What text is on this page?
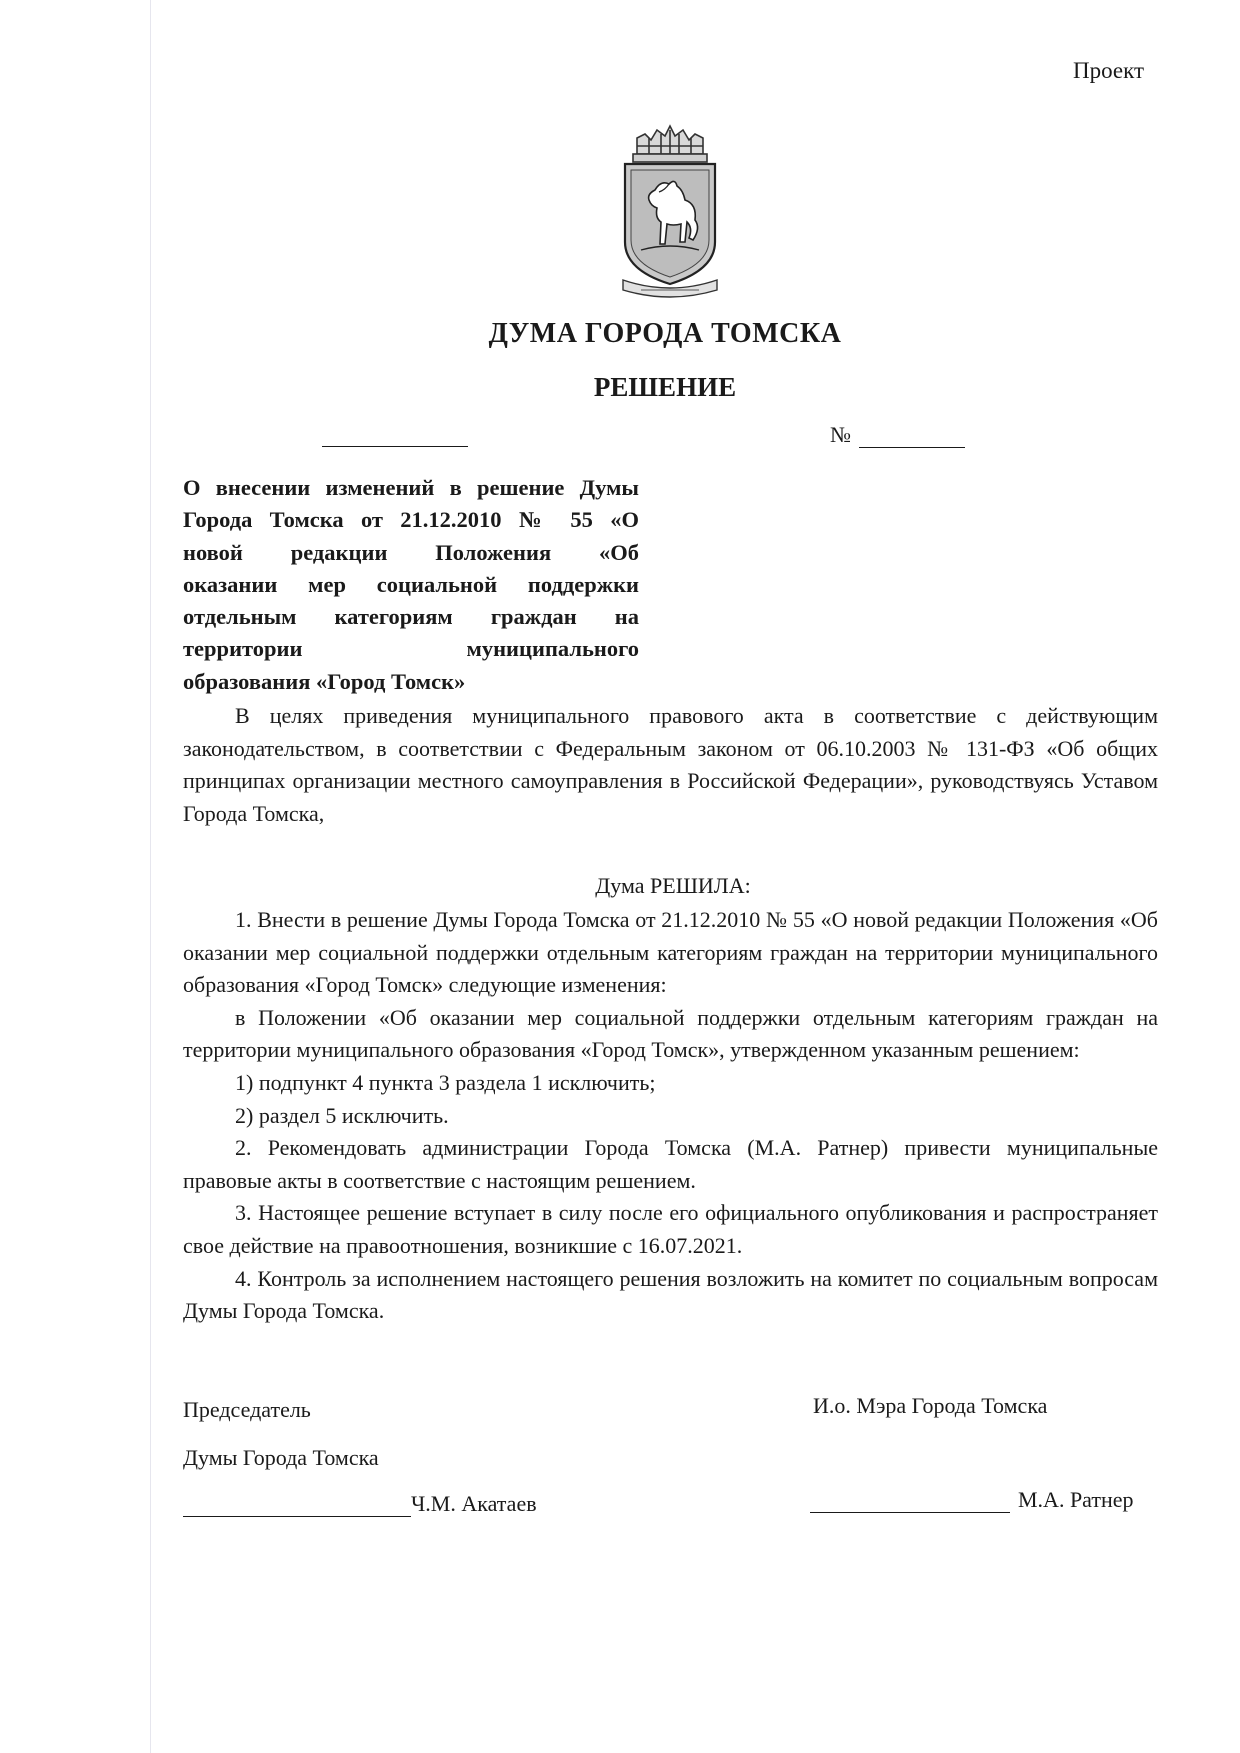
Проект
ДУМА ГОРОДА ТОМСКА
РЕШЕНИЕ
№
О внесении изменений в решение Думы
Города Томска от 21.12.2010 № 55 «О
новой редакции Положения «Об
оказании мер социальной поддержки
отдельным категориям граждан на
территории муниципального
образования «Город Томск»

В целях приведения муниципального правового акта в соответствие с действующим законодательством, в соответствии с Федеральным законом от 06.10.2003 № 131-ФЗ «Об общих принципах организации местного самоуправления в Российской Федерации», руководствуясь Уставом Города Томска,

Дума РЕШИЛА:

1. Внести в решение Думы Города Томска от 21.12.2010 № 55 «О новой редакции Положения «Об оказании мер социальной поддержки отдельным категориям граждан на территории муниципального образования «Город Томск» следующие изменения:

в Положении «Об оказании мер социальной поддержки отдельным категориям граждан на территории муниципального образования «Город Томск», утвержденном указанным решением:

1) подпункт 4 пункта 3 раздела 1 исключить;

2) раздел 5 исключить.

2. Рекомендовать администрации Города Томска (М.А. Ратнер) привести муниципальные правовые акты в соответствие с настоящим решением.

3. Настоящее решение вступает в силу после его официального опубликования и распространяет свое действие на правоотношения, возникшие с 16.07.2021.

4. Контроль за исполнением настоящего решения возложить на комитет по социальным вопросам Думы Города Томска.

Председатель
Думы Города Томска
Ч.М. Акатаев
И.о. Мэра Города Томска
М.А. Ратнер
